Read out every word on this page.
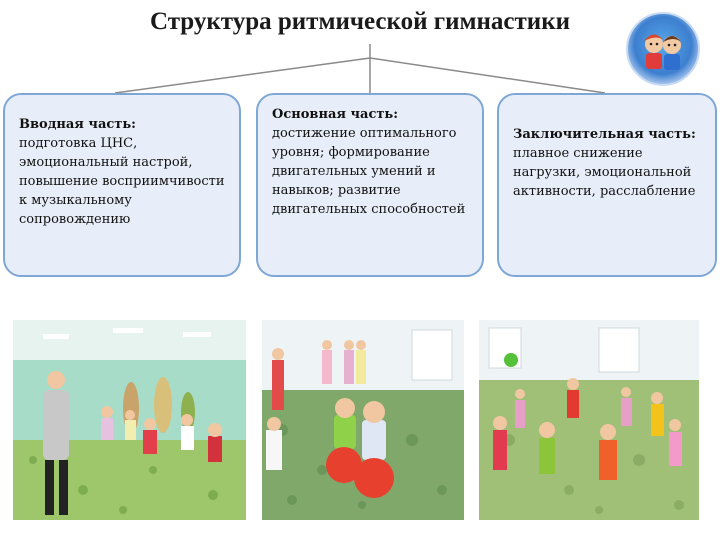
Структура ритмической гимнастики
Вводная часть:
подготовка ЦНС, эмоциональный настрой, повышение восприимчивости к музыкальному сопровождению
Основная часть:
достижение оптимального уровня; формирование двигательных умений и навыков; развитие двигательных способностей
Заключительная часть: плавное снижение нагрузки, эмоциональной активности, расслабление
